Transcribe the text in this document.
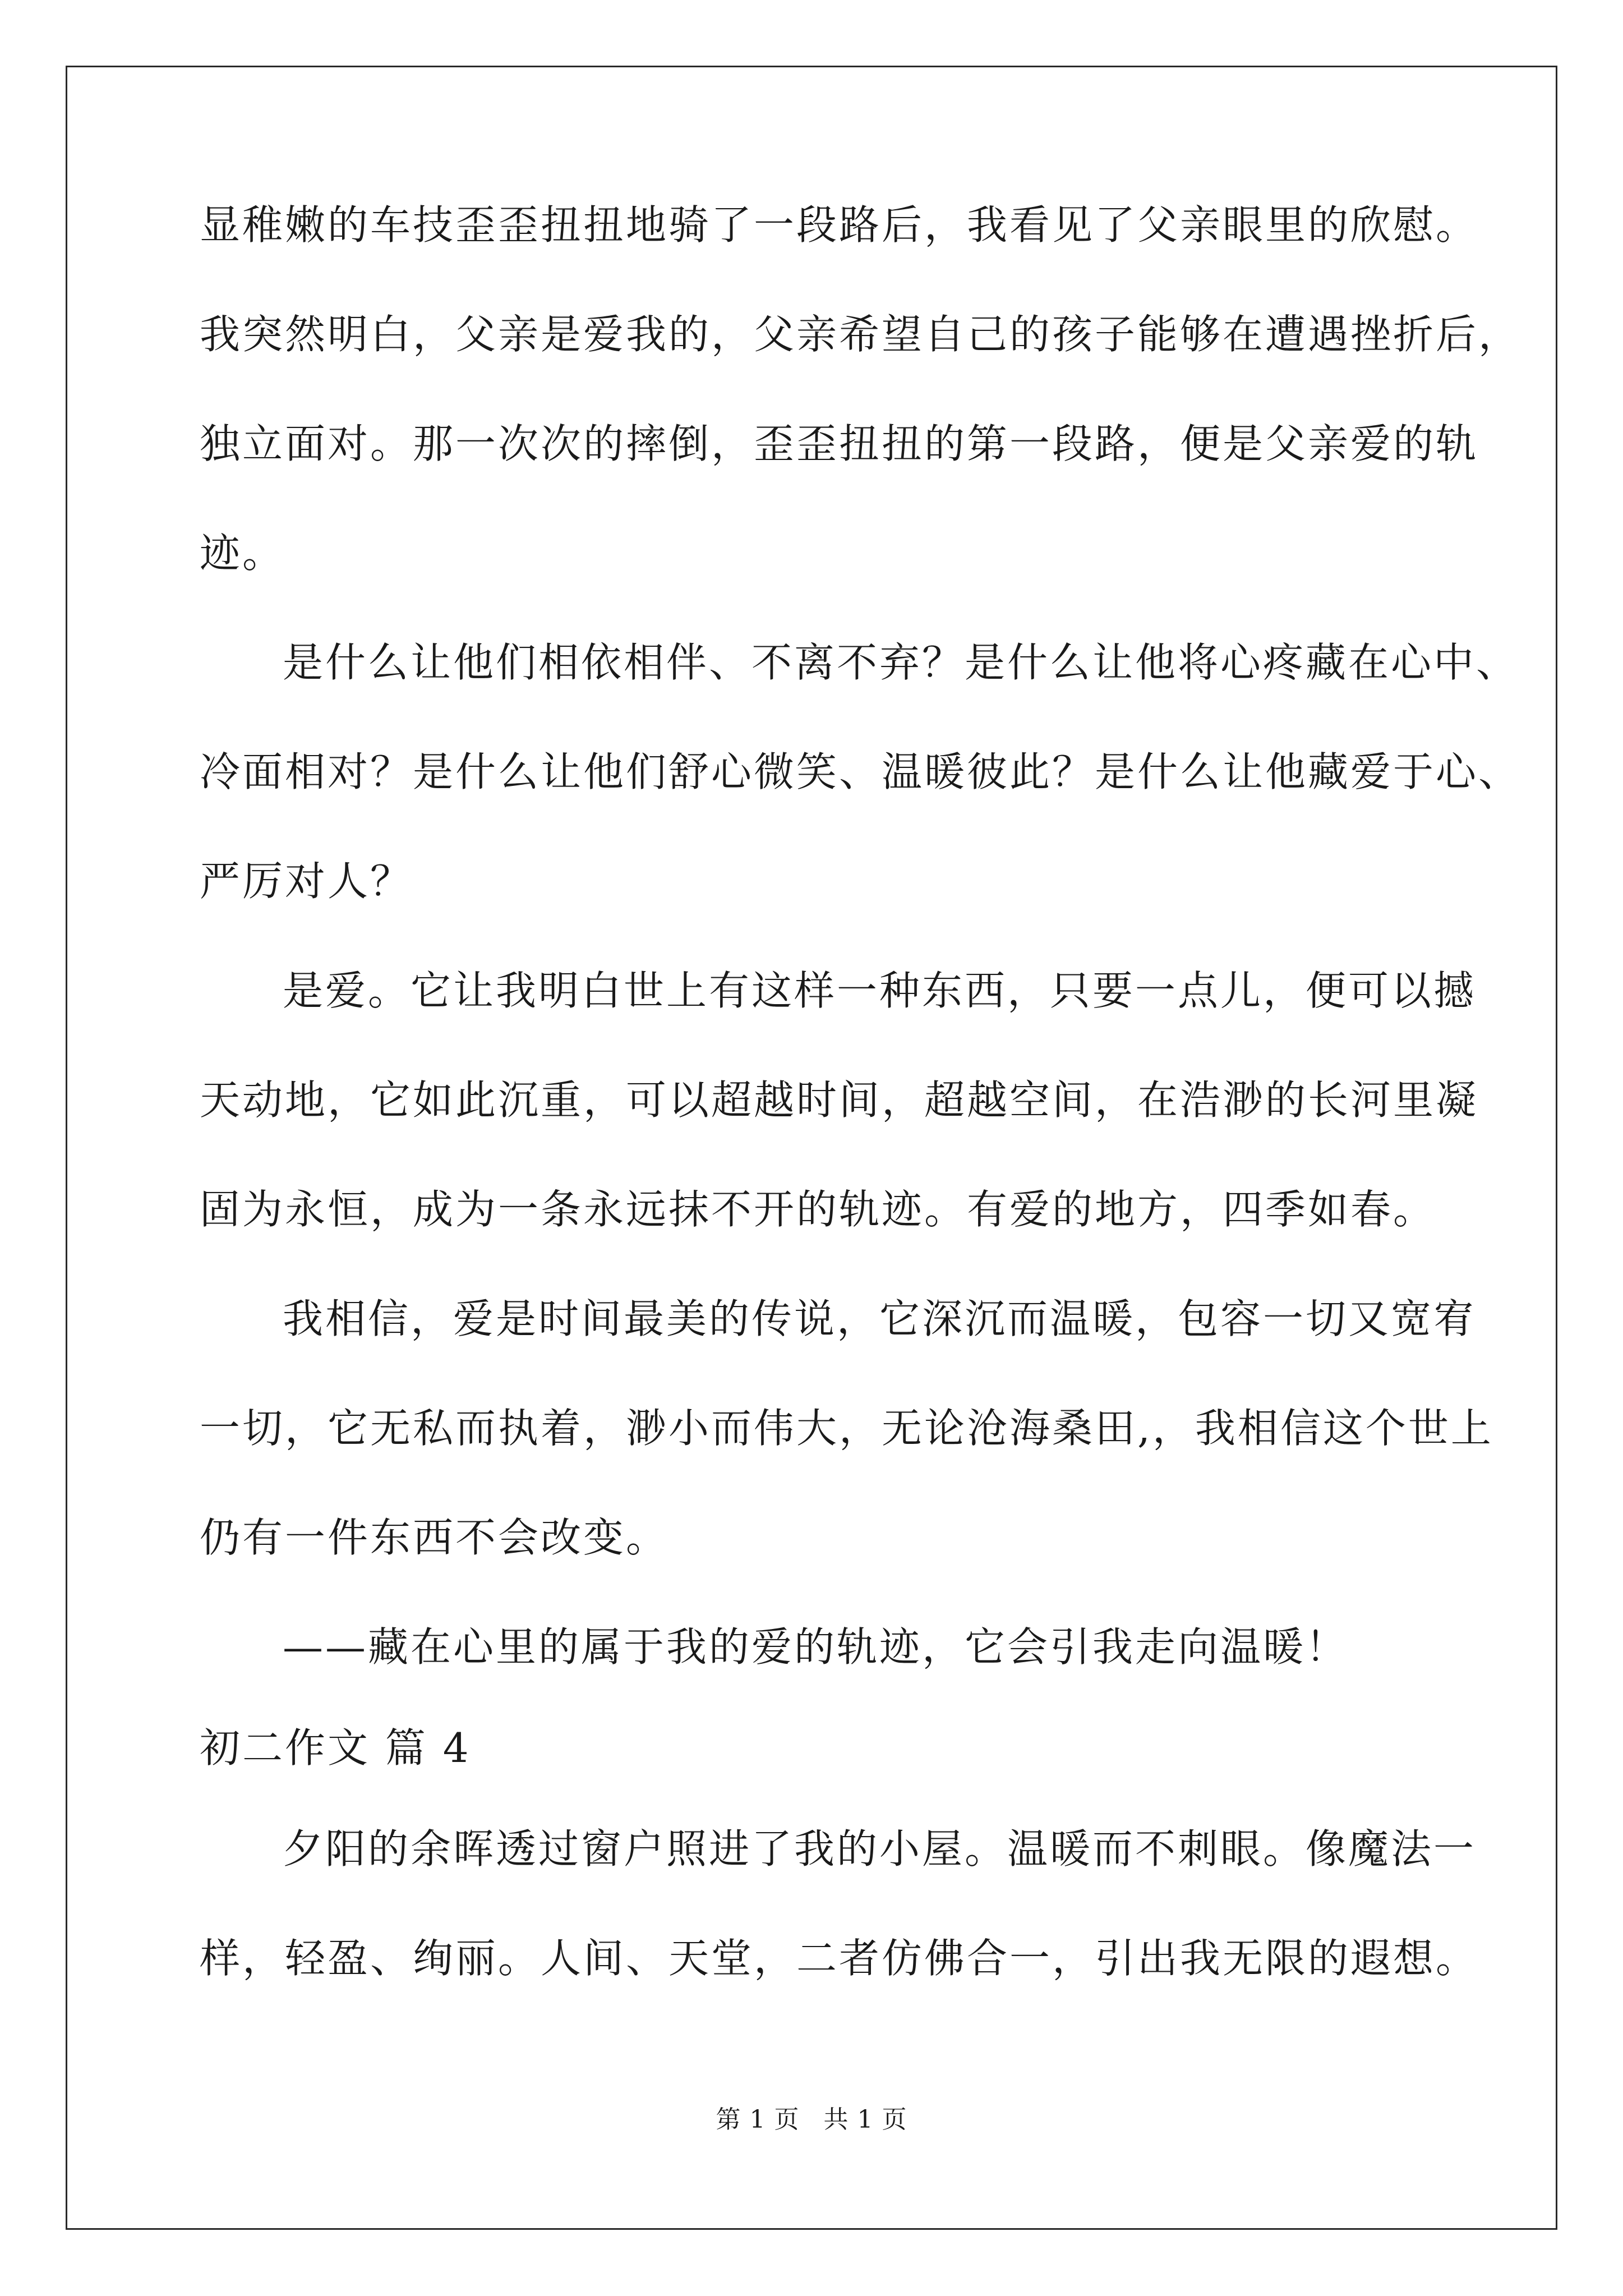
显稚嫩的车技歪歪扭扭地骑了一段路后，我看见了父亲眼里的欣慰。
我突然明白，父亲是爱我的，父亲希望自己的孩子能够在遭遇挫折后，
独立面对。那一次次的摔倒，歪歪扭扭的第一段路，便是父亲爱的轨
迹。
是什么让他们相依相伴、不离不弃？是什么让他将心疼藏在心中、
冷面相对？是什么让他们舒心微笑、温暖彼此？是什么让他藏爱于心、
严厉对人？
是爱。它让我明白世上有这样一种东西，只要一点儿，便可以撼
天动地，它如此沉重，可以超越时间，超越空间，在浩渺的长河里凝
固为永恒，成为一条永远抹不开的轨迹。有爱的地方，四季如春。
我相信，爱是时间最美的传说，它深沉而温暖，包容一切又宽宥
一切，它无私而执着，渺小而伟大，无论沧海桑田,，我相信这个世上
仍有一件东西不会改变。
——藏在心里的属于我的爱的轨迹，它会引我走向温暖！
初二作文 篇 4
夕阳的余晖透过窗户照进了我的小屋。温暖而不刺眼。像魔法一
样，轻盈、绚丽。人间、天堂，二者仿佛合一，引出我无限的遐想。
第 1 页 共 1 页
